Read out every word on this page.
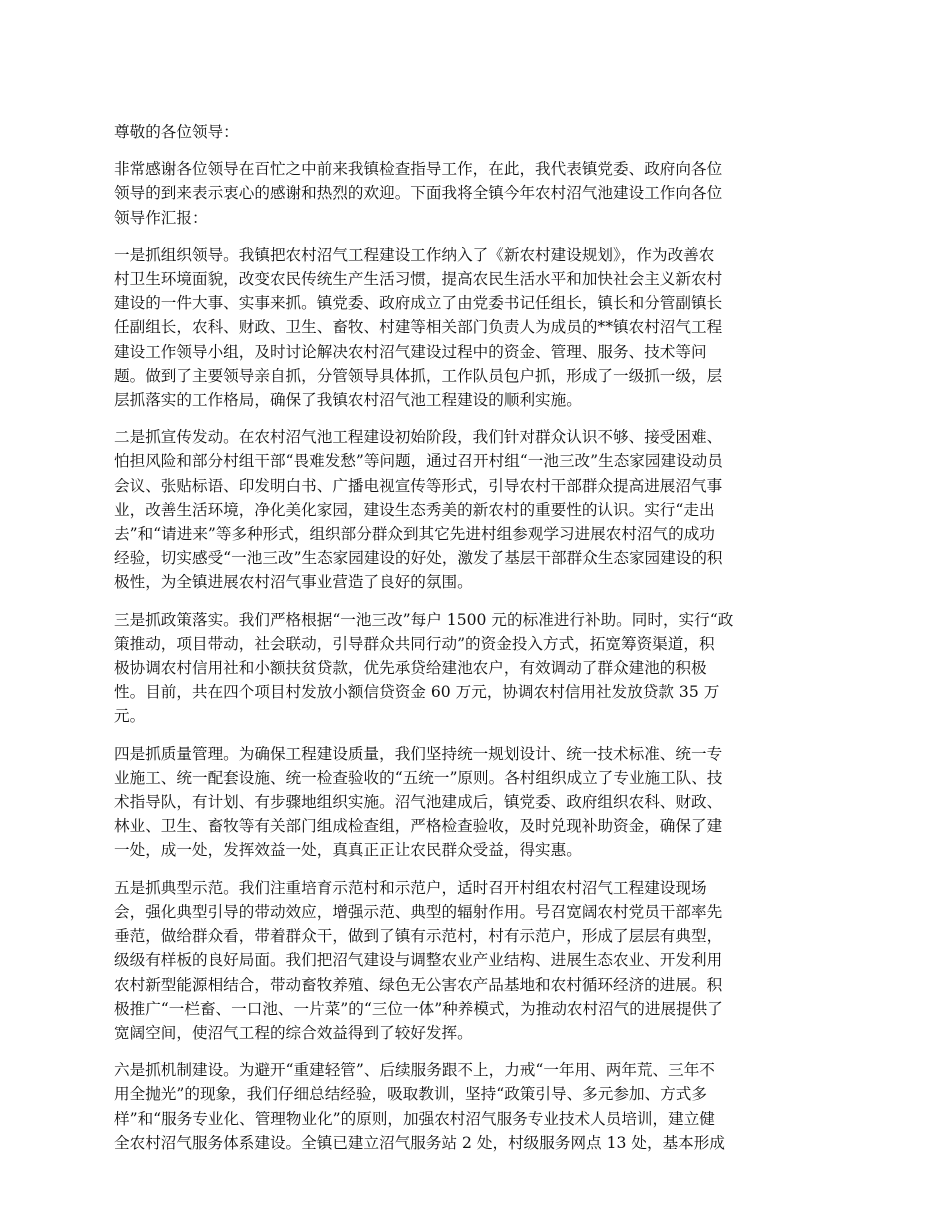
尊敬的各位领导：

非常感谢各位领导在百忙之中前来我镇检查指导工作，在此，我代表镇党委、政府向各位
领导的到来表示衷心的感谢和热烈的欢迎。下面我将全镇今年农村沼气池建设工作向各位
领导作汇报：

一是抓组织领导。我镇把农村沼气工程建设工作纳入了《新农村建设规划》，作为改善农
村卫生环境面貌，改变农民传统生产生活习惯，提高农民生活水平和加快社会主义新农村
建设的一件大事、实事来抓。镇党委、政府成立了由党委书记任组长，镇长和分管副镇长
任副组长，农科、财政、卫生、畜牧、村建等相关部门负责人为成员的**镇农村沼气工程
建设工作领导小组，及时讨论解决农村沼气建设过程中的资金、管理、服务、技术等问
题。做到了主要领导亲自抓，分管领导具体抓，工作队员包户抓，形成了一级抓一级，层
层抓落实的工作格局，确保了我镇农村沼气池工程建设的顺利实施。

二是抓宣传发动。在农村沼气池工程建设初始阶段，我们针对群众认识不够、接受困难、
怕担风险和部分村组干部“畏难发愁”等问题，通过召开村组“一池三改”生态家园建设动员
会议、张贴标语、印发明白书、广播电视宣传等形式，引导农村干部群众提高进展沼气事
业，改善生活环境，净化美化家园，建设生态秀美的新农村的重要性的认识。实行“走出
去”和“请进来”等多种形式，组织部分群众到其它先进村组参观学习进展农村沼气的成功
经验，切实感受“一池三改”生态家园建设的好处，激发了基层干部群众生态家园建设的积
极性，为全镇进展农村沼气事业营造了良好的氛围。

三是抓政策落实。我们严格根据“一池三改”每户 1500 元的标准进行补助。同时，实行“政
策推动，项目带动，社会联动，引导群众共同行动”的资金投入方式，拓宽筹资渠道，积
极协调农村信用社和小额扶贫贷款，优先承贷给建池农户，有效调动了群众建池的积极
性。目前，共在四个项目村发放小额信贷资金 60 万元，协调农村信用社发放贷款 35 万
元。

四是抓质量管理。为确保工程建设质量，我们坚持统一规划设计、统一技术标准、统一专
业施工、统一配套设施、统一检查验收的“五统一”原则。各村组织成立了专业施工队、技
术指导队，有计划、有步骤地组织实施。沼气池建成后，镇党委、政府组织农科、财政、
林业、卫生、畜牧等有关部门组成检查组，严格检查验收，及时兑现补助资金，确保了建
一处，成一处，发挥效益一处，真真正正让农民群众受益，得实惠。

五是抓典型示范。我们注重培育示范村和示范户，适时召开村组农村沼气工程建设现场
会，强化典型引导的带动效应，增强示范、典型的辐射作用。号召宽阔农村党员干部率先
垂范，做给群众看，带着群众干，做到了镇有示范村，村有示范户，形成了层层有典型，
级级有样板的良好局面。我们把沼气建设与调整农业产业结构、进展生态农业、开发利用
农村新型能源相结合，带动畜牧养殖、绿色无公害农产品基地和农村循环经济的进展。积
极推广“一栏畜、一口池、一片菜”的“三位一体”种养模式，为推动农村沼气的进展提供了
宽阔空间，使沼气工程的综合效益得到了较好发挥。

六是抓机制建设。为避开“重建轻管”、后续服务跟不上，力戒“一年用、两年荒、三年不
用全抛光”的现象，我们仔细总结经验，吸取教训，坚持“政策引导、多元参加、方式多
样”和“服务专业化、管理物业化”的原则，加强农村沼气服务专业技术人员培训，建立健
全农村沼气服务体系建设。全镇已建立沼气服务站 2 处，村级服务网点 13 处，基本形成
